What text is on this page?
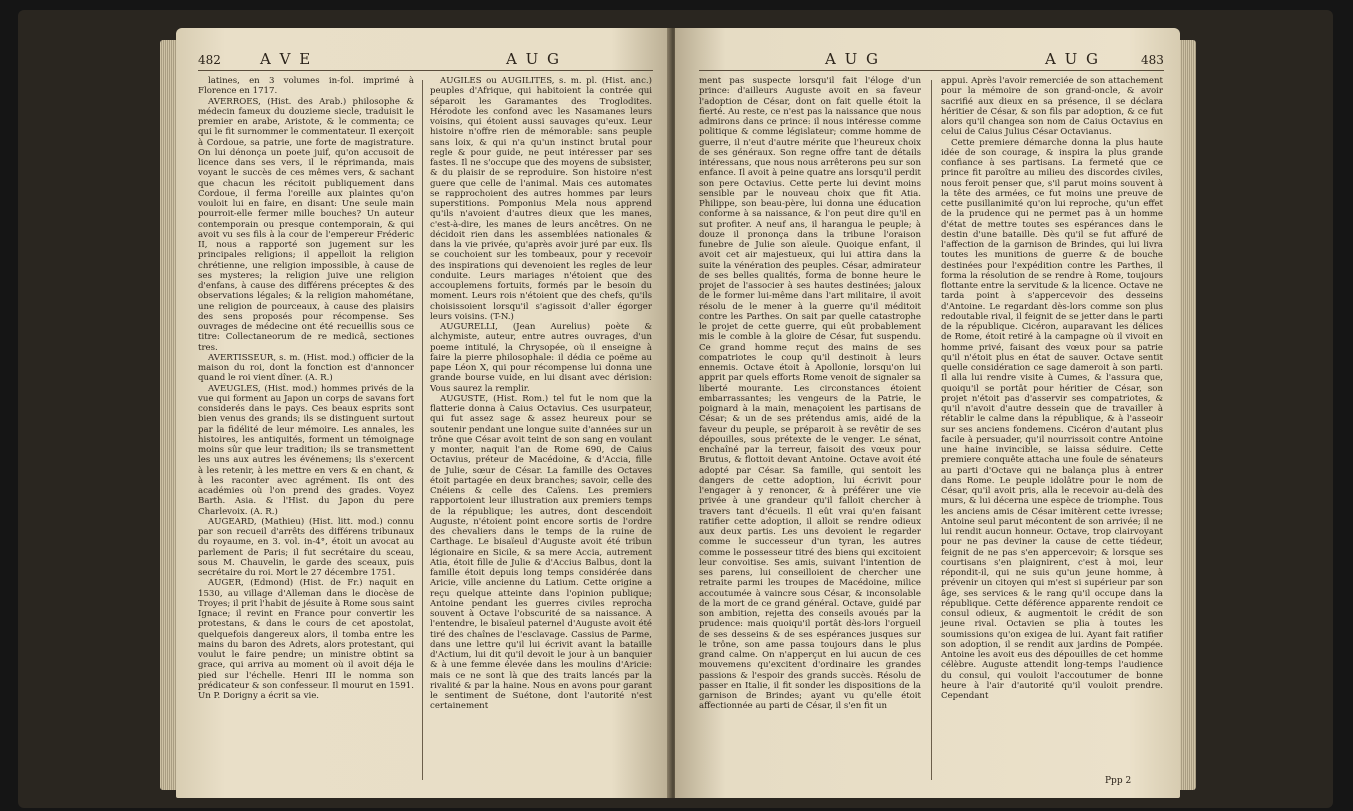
482	A V E	A U G

latines, en 3 volumes in-fol. imprimé à Florence en 1717.

AVERROES, (Hist. des Arab.) philosophe & médecin fameux du douzieme siecle, traduisit le premier en arabe, Aristote, & le commenta; ce qui le fit surnommer le commentateur. Il exerçoit à Cordoue, sa patrie, une forte de magistrature. On lui dénonça un poete juif, qu'on accusoit de licence dans ses vers, il le réprimanda, mais voyant le succès de ces mêmes vers, & sachant que chacun les récitoit publiquement dans Cordoue, il ferma l'oreille aux plaintes qu'on vouloit lui en faire, en disant: Une seule main pourroit-elle fermer mille bouches? Un auteur contemporain ou presque contemporain, & qui avoit vu ses fils à la cour de l'empereur Fréderic II, nous a rapporté son jugement sur les principales religions; il appelloit la religion chrétienne, une religion impossible, à cause de ses mysteres; la religion juive une religion d'enfans, à cause des différens préceptes & des observations légales; & la religion mahométane, une religion de pourceaux, à cause des plaisirs des sens proposés pour récompense. Ses ouvrages de médecine ont été recueillis sous ce titre: Collectaneorum de re medicâ, sectiones tres.

AVERTISSEUR, s. m. (Hist. mod.) officier de la maison du roi, dont la fonction est d'annoncer quand le roi vient dîner. (A. R.)

AVEUGLES, (Hist. mod.) hommes privés de la vue qui forment au Japon un corps de savans fort considerés dans le pays. Ces beaux esprits sont bien venus des grands; ils se distinguent surtout par la fidélité de leur mémoire. Les annales, les histoires, les antiquités, forment un témoignage moins sûr que leur tradition; ils se transmettent les uns aux autres les événemens; ils s'exercent à les retenir, à les mettre en vers & en chant, & à les raconter avec agrément. Ils ont des académies où l'on prend des grades. Voyez Barth. Asia. & l'Hist. du Japon du pere Charlevoix. (A. R.)

AUGEARD, (Mathieu) (Hist. litt. mod.) connu par son recueil d'arrêts des différens tribunaux du royaume, en 3. vol. in-4°, étoit un avocat au parlement de Paris; il fut secrétaire du sceau, sous M. Chauvelin, le garde des sceaux, puis secrétaire du roi. Mort le 27 décembre 1751.

AUGER, (Edmond) (Hist. de Fr.) naquit en 1530, au village d'Alleman dans le diocèse de Troyes; il prit l'habit de jésuite à Rome sous saint Ignace; il revint en France pour convertir les protestans, & dans le cours de cet apostolat, quelquefois dangereux alors, il tomba entre les mains du baron des Adrets, alors protestant, qui voulut le faire pendre; un ministre obtint sa grace, qui arriva au moment où il avoit déja le pied sur l'échelle. Henri III le nomma son prédicateur & son confesseur. Il mourut en 1591. Un P. Dorigny a écrit sa vie.

AUGILES ou AUGILITES, s. m. pl. (Hist. anc.) peuples d'Afrique, qui habitoient la contrée qui séparoit les Garamantes des Troglodites. Hérodote les confond avec les Nasamanes leurs voisins, qui étoient aussi sauvages qu'eux. Leur histoire n'offre rien de mémorable: sans peuple sans loix, & qui n'a qu'un instinct brutal pour regle & pour guide, ne peut intéresser par ses fastes. Il ne s'occupe que des moyens de subsister, & du plaisir de se reproduire. Son histoire n'est guere que celle de l'animal. Mais ces automates se rapprochoient des autres hommes par leurs superstitions. Pomponius Mela nous apprend qu'ils n'avoient d'autres dieux que les manes, c'est-à-dire, les manes de leurs ancêtres. On ne décidoit rien dans les assemblées nationales & dans la vie privée, qu'après avoir juré par eux. Ils se couchoient sur les tombeaux, pour y recevoir des inspirations qui devenoient les regles de leur conduite. Leurs mariages n'étoient que des accouplemens fortuits, formés par le besoin du moment. Leurs rois n'étoient que des chefs, qu'ils choisissoient lorsqu'il s'agissoit d'aller égorger leurs voisins. (T-N.)

AUGURELLI, (Jean Aurelius) poète & alchymiste, auteur, entre autres ouvrages, d'un poeme intitulé, la Chrysopée, où il enseigne à faire la pierre philosophale: il dédia ce poëme au pape Léon X, qui pour récompense lui donna une grande bourse vuide, en lui disant avec dérision: Vous saurez la remplir.

AUGUSTE, (Hist. Rom.) tel fut le nom que la flatterie donna à Caius Octavius. Ces usurpateur, qui fut assez sage & assez heureux pour se soutenir pendant une longue suite d'années sur un trône que César avoit teint de son sang en voulant y monter, naquit l'an de Rome 690, de Caius Octavius, préteur de Macédoine, & d'Accia, fille de Julie, sœur de César. La famille des Octaves étoit partagée en deux branches; savoir, celle des Cnéiens & celle des Caïens. Les premiers rapportoient leur illustration aux premiers temps de la république; les autres, dont descendoit Auguste, n'étoient point encore sortis de l'ordre des chevaliers dans le temps de la ruine de Carthage. Le bisaïeul d'Auguste avoit été tribun légionaire en Sicile, & sa mere Accia, autrement Atia, étoit fille de Julie & d'Accius Balbus, dont la famille étoit depuis long temps considérée dans Aricie, ville ancienne du Latium. Cette origine a reçu quelque atteinte dans l'opinion publique; Antoine pendant les guerres civiles reprocha souvent à Octave l'obscurité de sa naissance. A l'entendre, le bisaïeul paternel d'Auguste avoit été tiré des chaînes de l'esclavage. Cassius de Parme, dans une lettre qu'il lui écrivit avant la bataille d'Actium, lui dit qu'il devoit le jour à un banquier & à une femme élevée dans les moulins d'Aricie: mais ce ne sont là que des traits lancés par la rivalité & par la haine. Nous en avons pour garant le sentiment de Suétone, dont l'autorité n'est certainement

A U G	A U G	483

ment pas suspecte lorsqu'il fait l'éloge d'un prince: d'ailleurs Auguste avoit en sa faveur l'adoption de César, dont on fait quelle étoit la fierté. Au reste, ce n'est pas la naissance que nous admirons dans ce prince: il nous intéresse comme politique & comme législateur; comme homme de guerre, il n'eut d'autre mérite que l'heureux choix de ses généraux. Son regne offre tant de détails intéressans, que nous nous arrêterons peu sur son enfance. Il avoit à peine quatre ans lorsqu'il perdit son pere Octavius. Cette perte lui devint moins sensible par le nouveau choix que fit Atia. Philippe, son beau-père, lui donna une éducation conforme à sa naissance, & l'on peut dire qu'il en sut profiter. A neuf ans, il harangua le peuple; à douze il prononça dans la tribune l'oraison funebre de Julie son aïeule. Quoique enfant, il avoit cet air majestueux, qui lui attira dans la suite la vénération des peuples. César, admirateur de ses belles qualités, forma de bonne heure le projet de l'associer à ses hautes destinées; jaloux de le former lui-même dans l'art militaire, il avoit résolu de le mener à la guerre qu'il méditoit contre les Parthes. On sait par quelle catastrophe le projet de cette guerre, qui eût probablement mis le comble à la gloire de César, fut suspendu. Ce grand homme reçut des mains de ses compatriotes le coup qu'il destinoit à leurs ennemis. Octave étoit à Apollonie, lorsqu'on lui apprit par quels efforts Rome venoit de signaler sa liberté mourante. Les circonstances étoient embarrassantes; les vengeurs de la Patrie, le poignard à la main, menaçoient les partisans de César; & un de ses prétendus amis, aidé de la faveur du peuple, se préparoit à se revêtir de ses dépouilles, sous prétexte de le venger. Le sénat, enchaîné par la terreur, faisoit des vœux pour Brutus, & flottoit devant Antoine. Octave avoit été adopté par César. Sa famille, qui sentoit les dangers de cette adoption, lui écrivit pour l'engager à y renoncer, & à préférer une vie privée à une grandeur qu'il falloit chercher à travers tant d'écueils. Il eût vrai qu'en faisant ratifier cette adoption, il alloit se rendre odieux aux deux partis. Les uns devoient le regarder comme le successeur d'un tyran, les autres comme le possesseur titré des biens qui excitoient leur convoitise. Ses amis, suivant l'intention de ses parens, lui conseilloient de chercher une retraite parmi les troupes de Macédoine, milice accoutumée à vaincre sous César, & inconsolable de la mort de ce grand général. Octave, guidé par son ambition, rejetta des conseils avoués par la prudence: mais quoiqu'il portât dès-lors l'orgueil de ses desseins & de ses espérances jusques sur le trône, son ame passa toujours dans le plus grand calme. On n'apperçut en lui aucun de ces mouvemens qu'excitent d'ordinaire les grandes passions & l'espoir des grands succès. Résolu de passer en Italie, il fit sonder les dispositions de la garnison de Brindes; ayant vu qu'elle étoit affectionnée au parti de César, il s'en fit un

appui. Après l'avoir remerciée de son attachement pour la mémoire de son grand-oncle, & avoir sacrifié aux dieux en sa présence, il se déclara héritier de César, & son fils par adoption, & ce fut alors qu'il changea son nom de Caius Octavius en celui de Caius Julius César Octavianus.

Cette premiere démarche donna la plus haute idée de son courage, & inspira la plus grande confiance à ses partisans. La fermeté que ce prince fit paroître au milieu des discordes civiles, nous feroit penser que, s'il parut moins souvent à la tête des armées, ce fut moins une preuve de cette pusillanimité qu'on lui reproche, qu'un effet de la prudence qui ne permet pas à un homme d'état de mettre toutes ses espérances dans le destin d'une bataille. Dès qu'il se fut affuré de l'affection de la garnison de Brindes, qui lui livra toutes les munitions de guerre & de bouche destinées pour l'expédition contre les Parthes, il forma la résolution de se rendre à Rome, toujours flottante entre la servitude & la licence. Octave ne tarda point à s'appercevoir des desseins d'Antoine. Le regardant dès-lors comme son plus redoutable rival, il feignit de se jetter dans le parti de la république. Cicéron, auparavant les délices de Rome, étoit retiré à la campagne où il vivoit en homme privé, faisant des vœux pour sa patrie qu'il n'étoit plus en état de sauver. Octave sentit quelle considération ce sage dameroit à son parti. Il alla lui rendre visite à Cumes, & l'assura que, quoiqu'il se portât pour héritier de César, son projet n'étoit pas d'asservir ses compatriotes, & qu'il n'avoit d'autre dessein que de travailler à rétablir le calme dans la république, & à l'asseoir sur ses anciens fondemens. Cicéron d'autant plus facile à persuader, qu'il nourrissoit contre Antoine une haine invincible, se laissa séduire. Cette premiere conquête attacha une foule de sénateurs au parti d'Octave qui ne balança plus à entrer dans Rome. Le peuple idolâtre pour le nom de César, qu'il avoit pris, alla le recevoir au-delà des murs, & lui décerna une espèce de triomphe. Tous les anciens amis de César imitèrent cette ivresse; Antoine seul parut mécontent de son arrivée; il ne lui rendit aucun honneur. Octave, trop clairvoyant pour ne pas deviner la cause de cette tiédeur, feignit de ne pas s'en appercevoir; & lorsque ses courtisans s'en plaignirent, c'est à moi, leur répondit-il, qui ne suis qu'un jeune homme, à prévenir un citoyen qui m'est si supérieur par son âge, ses services & le rang qu'il occupe dans la république. Cette déférence apparente rendoit ce consul odieux, & augmentoit le crédit de son jeune rival. Octavien se plia à toutes les soumissions qu'on exigea de lui. Ayant fait ratifier son adoption, il se rendit aux jardins de Pompée. Antoine les avoit eus des dépouilles de cet homme célèbre. Auguste attendit long-temps l'audience du consul, qui vouloit l'accoutumer de bonne heure à l'air d'autorité qu'il vouloit prendre. Cependant

Ppp 2
